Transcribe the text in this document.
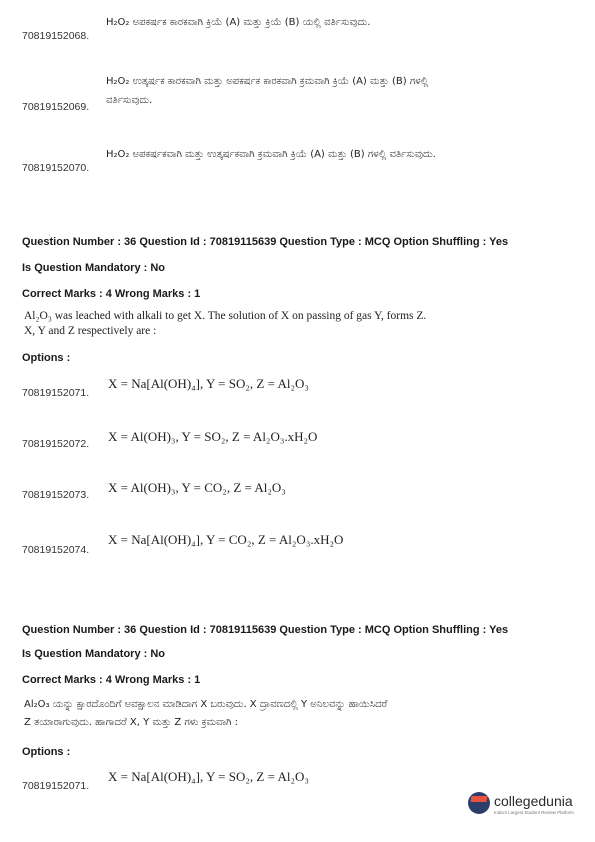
70819152068.
H₂O₂ ಅಪಕರ್ಷಕ ಕಾರಕವಾಗಿ ಕ್ರಿಯೆ (A) ಮತ್ತು ಕ್ರಿಯೆ (B) ಯಲ್ಲಿ ವರ್ತಿಸುವುದು.
H₂O₂ ಉತ್ಕರ್ಷಕ ಕಾರಕವಾಗಿ ಮತ್ತು ಅಪಕರ್ಷಕ ಕಾರಕವಾಗಿ ಕ್ರಮವಾಗಿ ಕ್ರಿಯೆ (A) ಮತ್ತು (B) ಗಳಲ್ಲಿ
70819152069.
ವರ್ತಿಸುವುದು.
H₂O₂ ಅಪಕರ್ಷಕವಾಗಿ ಮತ್ತು ಉತ್ಕರ್ಷಕವಾಗಿ ಕ್ರಮವಾಗಿ ಕ್ರಿಯೆ (A) ಮತ್ತು (B) ಗಳಲ್ಲಿ ವರ್ತಿಸುವುದು.
70819152070.
Question Number : 36 Question Id : 70819115639 Question Type : MCQ Option Shuffling : Yes
Is Question Mandatory : No
Correct Marks : 4 Wrong Marks : 1
Al₂O₃ was leached with alkali to get X. The solution of X on passing of gas Y, forms Z.
X, Y and Z respectively are :
Options :
70819152071.
X = Na[Al(OH)₄], Y = SO₂, Z = Al₂O₃
70819152072. X = Al(OH)₃, Y = SO₂, Z = Al₂O₃.xH₂O
70819152073. X = Al(OH)₃, Y = CO₂, Z = Al₂O₃
70819152074.
X = Na[Al(OH)₄], Y = CO₂, Z = Al₂O₃.xH₂O
Question Number : 36 Question Id : 70819115639 Question Type : MCQ Option Shuffling : Yes
Is Question Mandatory : No
Correct Marks : 4 Wrong Marks : 1
Al₂O₃ ಯನ್ನು ಕ್ಷಾರದೊಂದಿಗೆ ಅವಕ್ಷಾಲನ ಮಾಡಿದಾಗ X ಬರುವುದು. X ದ್ರಾವಣದಲ್ಲಿ Y ಅನಿಲವನ್ನು ಹಾಯಿಸಿದರೆ
Z ತಯಾರಾಗುವುದು. ಹಾಗಾದರೆ X, Y ಮತ್ತು Z ಗಳು ಕ್ರಮವಾಗಿ :
Options :
70819152071.
X = Na[Al(OH)₄], Y = SO₂, Z = Al₂O₃
collegedunia
India's Largest Student Review Platform
